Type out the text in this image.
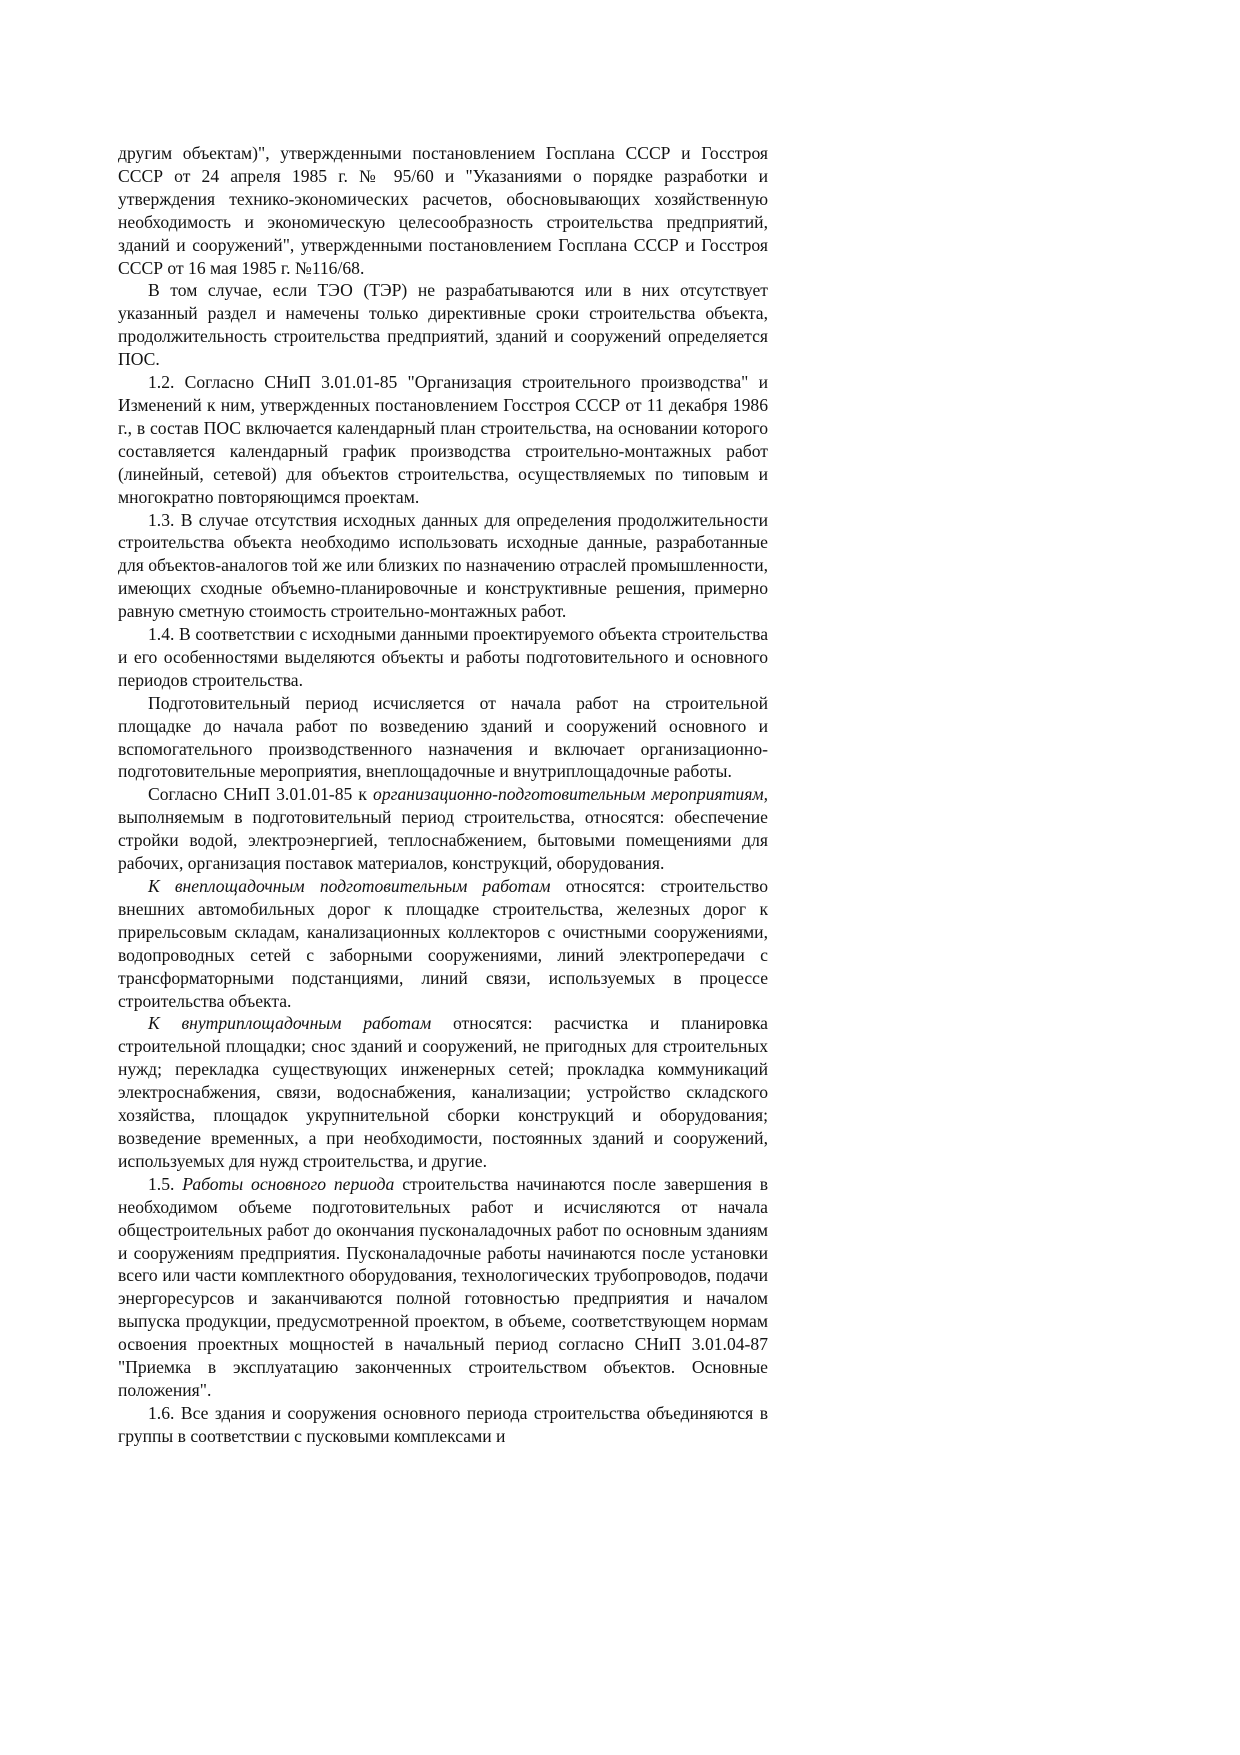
другим объектам)", утвержденными постановлением Госплана СССР и Госстроя СССР от 24 апреля 1985 г. № 95/60 и "Указаниями о порядке разработки и утверждения технико-экономических расчетов, обосновывающих хозяйственную необходимость и экономическую целесообразность строительства предприятий, зданий и сооружений", утвержденными постановлением Госплана СССР и Госстроя СССР от 16 мая 1985 г. №116/68.

В том случае, если ТЭО (ТЭР) не разрабатываются или в них отсутствует указанный раздел и намечены только директивные сроки строительства объекта, продолжительность строительства предприятий, зданий и сооружений определяется ПОС.

1.2. Согласно СНиП 3.01.01-85 "Организация строительного производства" и Изменений к ним, утвержденных постановлением Госстроя СССР от 11 декабря 1986 г., в состав ПОС включается календарный план строительства, на основании которого составляется календарный график производства строительно-монтажных работ (линейный, сетевой) для объектов строительства, осуществляемых по типовым и многократно повторяющимся проектам.

1.3. В случае отсутствия исходных данных для определения продолжительности строительства объекта необходимо использовать исходные данные, разработанные для объектов-аналогов той же или близких по назначению отраслей промышленности, имеющих сходные объемно-планировочные и конструктивные решения, примерно равную сметную стоимость строительно-монтажных работ.

1.4. В соответствии с исходными данными проектируемого объекта строительства и его особенностями выделяются объекты и работы подготовительного и основного периодов строительства.

Подготовительный период исчисляется от начала работ на строительной площадке до начала работ по возведению зданий и сооружений основного и вспомогательного производственного назначения и включает организационно-подготовительные мероприятия, внеплощадочные и внутриплощадочные работы.

Согласно СНиП 3.01.01-85 к организационно-подготовительным мероприятиям, выполняемым в подготовительный период строительства, относятся: обеспечение стройки водой, электроэнергией, теплоснабжением, бытовыми помещениями для рабочих, организация поставок материалов, конструкций, оборудования.

К внеплощадочным подготовительным работам относятся: строительство внешних автомобильных дорог к площадке строительства, железных дорог к прирельсовым складам, канализационных коллекторов с очистными сооружениями, водопроводных сетей с заборными сооружениями, линий электропередачи с трансформаторными подстанциями, линий связи, используемых в процессе строительства объекта.

К внутриплощадочным работам относятся: расчистка и планировка строительной площадки; снос зданий и сооружений, не пригодных для строительных нужд; перекладка существующих инженерных сетей; прокладка коммуникаций электроснабжения, связи, водоснабжения, канализации; устройство складского хозяйства, площадок укрупнительной сборки конструкций и оборудования; возведение временных, а при необходимости, постоянных зданий и сооружений, используемых для нужд строительства, и другие.

1.5. Работы основного периода строительства начинаются после завершения в необходимом объеме подготовительных работ и исчисляются от начала общестроительных работ до окончания пусконаладочных работ по основным зданиям и сооружениям предприятия. Пусконаладочные работы начинаются после установки всего или части комплектного оборудования, технологических трубопроводов, подачи энергоресурсов и заканчиваются полной готовностью предприятия и началом выпуска продукции, предусмотренной проектом, в объеме, соответствующем нормам освоения проектных мощностей в начальный период согласно СНиП 3.01.04-87 "Приемка в эксплуатацию законченных строительством объектов. Основные положения".

1.6. Все здания и сооружения основного периода строительства объединяются в группы в соответствии с пусковыми комплексами и
